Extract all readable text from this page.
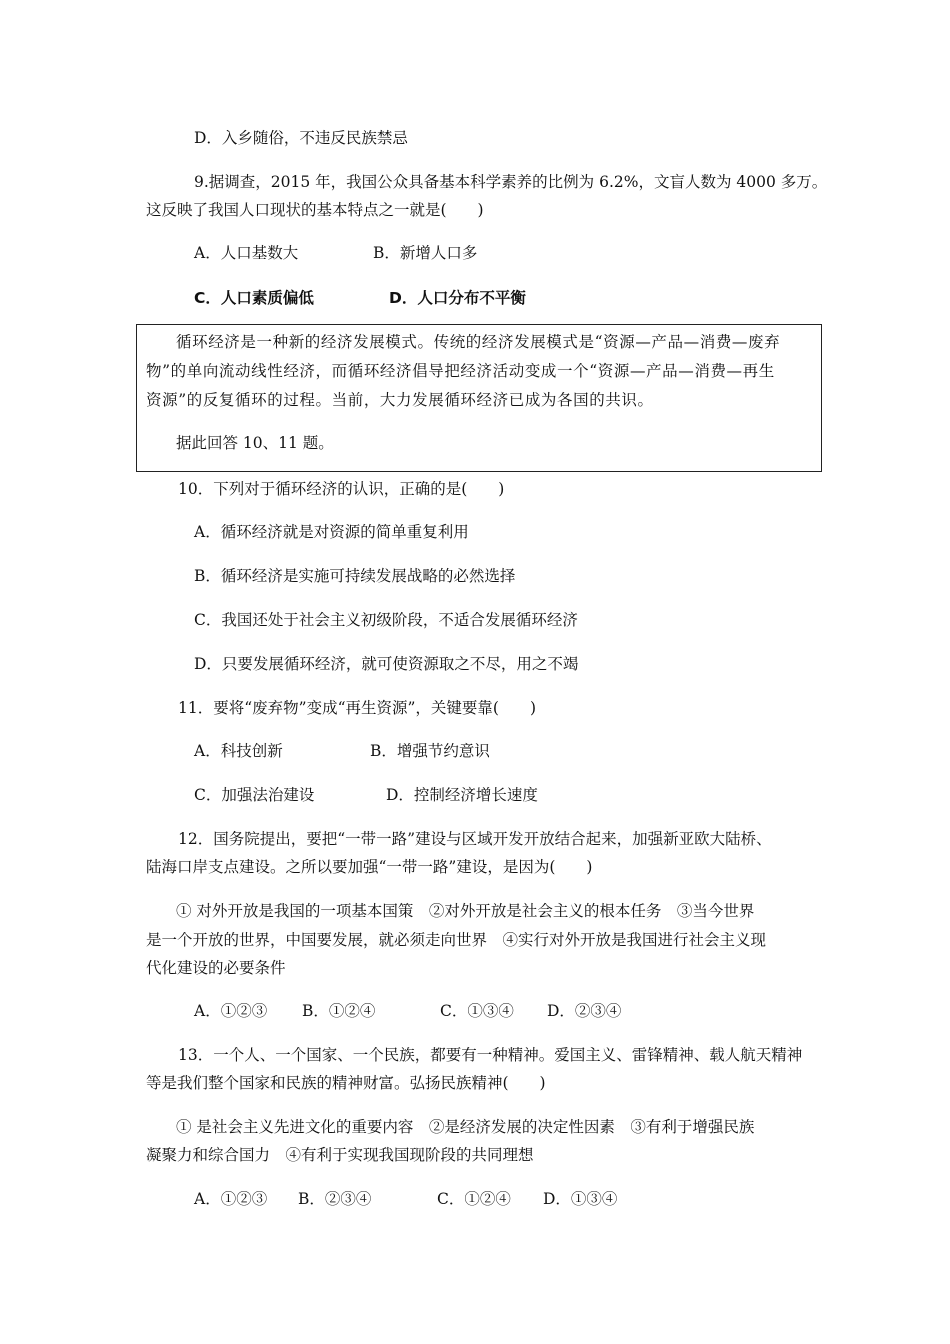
D．入乡随俗，不违反民族禁忌
9.据调查，2015 年，我国公众具备基本科学素养的比例为 6.2%，文盲人数为 4000 多万。
这反映了我国人口现状的基本特点之一就是(　　)
A．人口基数大	B．新增人口多
C．人口素质偏低	D．人口分布不平衡
循环经济是一种新的经济发展模式。传统的经济发展模式是“资源—产品—消费—废弃
物”的单向流动线性经济，而循环经济倡导把经济活动变成一个“资源—产品—消费—再生
资源”的反复循环的过程。当前，大力发展循环经济已成为各国的共识。
据此回答 10、11 题。
10．下列对于循环经济的认识，正确的是(　　)
A．循环经济就是对资源的简单重复利用
B．循环经济是实施可持续发展战略的必然选择
C．我国还处于社会主义初级阶段，不适合发展循环经济
D．只要发展循环经济，就可使资源取之不尽，用之不竭
11．要将“废弃物”变成“再生资源”，关键要靠(　　)
A．科技创新	B．增强节约意识
C．加强法治建设	D．控制经济增长速度
12．国务院提出，要把“一带一路”建设与区域开发开放结合起来，加强新亚欧大陆桥、
陆海口岸支点建设。之所以要加强“一带一路”建设，是因为(　　)
① 对外开放是我国的一项基本国策　②对外开放是社会主义的根本任务　③当今世界
是一个开放的世界，中国要发展，就必须走向世界　④实行对外开放是我国进行社会主义现
代化建设的必要条件
A．①②③ B．①②④	C．①③④ D．②③④
13．一个人、一个国家、一个民族，都要有一种精神。爱国主义、雷锋精神、载人航天精神
等是我们整个国家和民族的精神财富。弘扬民族精神(　　)
① 是社会主义先进文化的重要内容　②是经济发展的决定性因素　③有利于增强民族
凝聚力和综合国力　④有利于实现我国现阶段的共同理想
A．①②③ B．②③④	C．①②④ D．①③④
